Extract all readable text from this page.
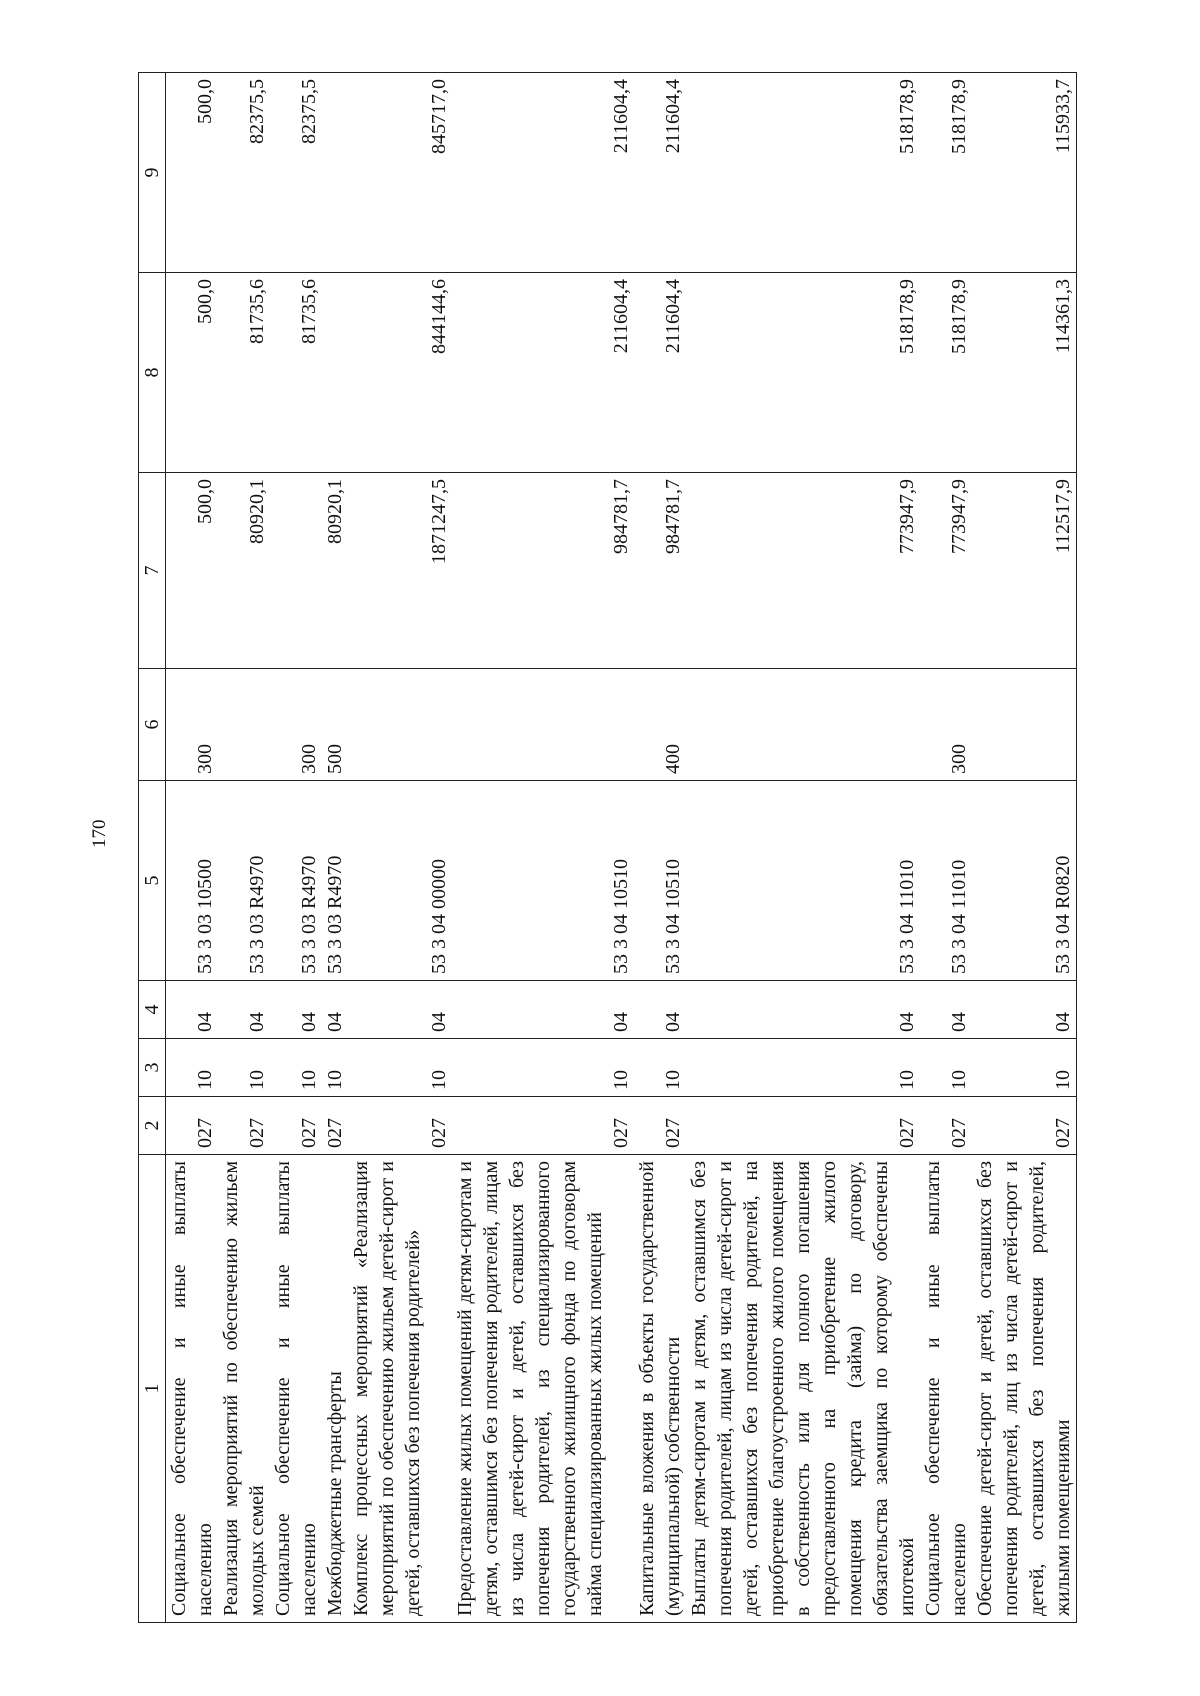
170
1	2	3	4	5	6	7	8	9
Социальное обеспечение и иные выплаты населению	027	10	04	53 3 03 10500	300	500,0	500,0	500,0
Реализация мероприятий по обеспечению жильем молодых семей	027	10	04	53 3 03 R4970		80920,1	81735,6	82375,5
Социальное обеспечение и иные выплаты населению	027	10	04	53 3 03 R4970	300		81735,6	82375,5
Межбюджетные трансферты	027	10	04	53 3 03 R4970	500	80920,1		
Комплекс процессных мероприятий «Реализация мероприятий по обеспечению жильем детей-сирот и детей, оставшихся без попечения родителей»	027	10	04	53 3 04 00000		1871247,5	844144,6	845717,0
Предоставление жилых помещений детям-сиротам и детям, оставшимся без попечения родителей, лицам из числа детей-сирот и детей, оставшихся без попечения родителей, из специализированного государственного жилищного фонда по договорам найма специализированных жилых помещений	027	10	04	53 3 04 10510		984781,7	211604,4	211604,4
Капитальные вложения в объекты государственной (муниципальной) собственности	027	10	04	53 3 04 10510	400	984781,7	211604,4	211604,4
Выплаты детям-сиротам и детям, оставшимся без попечения родителей, лицам из числа детей-сирот и детей, оставшихся без попечения родителей, на приобретение благоустроенного жилого помещения в собственность или для полного погашения предоставленного на приобретение жилого помещения кредита (займа) по договору, обязательства заемщика по которому обеспечены ипотекой	027	10	04	53 3 04 11010		773947,9	518178,9	518178,9
Социальное обеспечение и иные выплаты населению	027	10	04	53 3 04 11010	300	773947,9	518178,9	518178,9
Обеспечение детей-сирот и детей, оставшихся без попечения родителей, лиц из числа детей-сирот и детей, оставшихся без попечения родителей, жилыми помещениями	027	10	04	53 3 04 R0820		112517,9	114361,3	115933,7
